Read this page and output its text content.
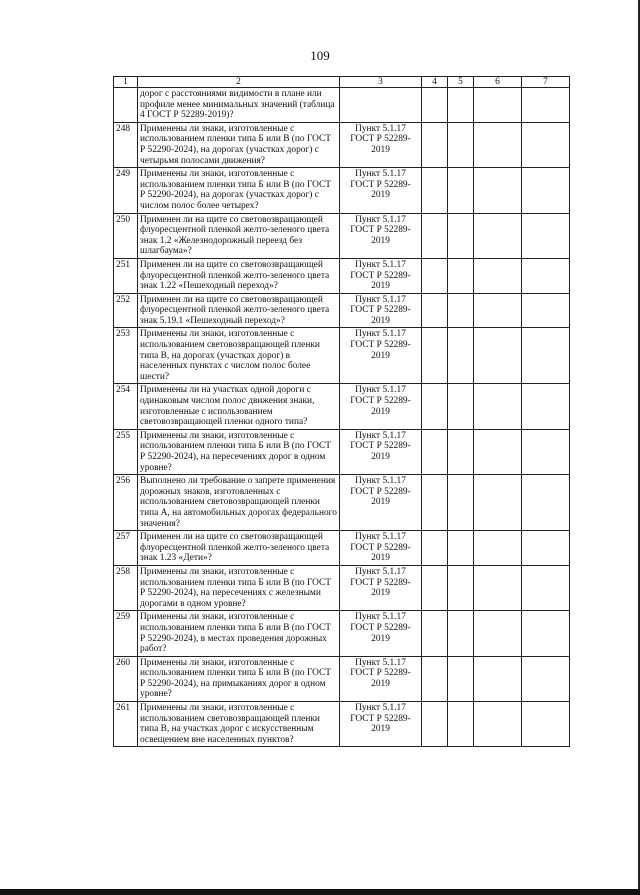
109
1	2	3	4	5	6	7
	дорог с расстояниями видимости в плане или профиле менее минимальных значений (таблица 4 ГОСТ Р 52289-2019)?					
248	Применены ли знаки, изготовленные с использованием пленки типа Б или В (по ГОСТ Р 52290-2024), на дорогах (участках дорог) с четырьмя полосами движения?	Пункт 5.1.17 ГОСТ Р 52289-2019				
249	Применены ли знаки, изготовленные с использованием пленки типа Б или В (по ГОСТ Р 52290-2024), на дорогах (участках дорог) с числом полос более четырех?	Пункт 5.1.17 ГОСТ Р 52289-2019				
250	Применен ли на щите со световозвращающей флуоресцентной пленкой желто-зеленого цвета знак 1.2 «Железнодорожный переезд без шлагбаума»?	Пункт 5.1.17 ГОСТ Р 52289-2019				
251	Применен ли на щите со световозвращающей флуоресцентной пленкой желто-зеленого цвета знак 1.22 «Пешеходный переход»?	Пункт 5.1.17 ГОСТ Р 52289-2019				
252	Применен ли на щите со световозвращающей флуоресцентной пленкой желто-зеленого цвета знак 5.19.1 «Пешеходный переход»?	Пункт 5.1.17 ГОСТ Р 52289-2019				
253	Применены ли знаки, изготовленные с использованием световозвращающей пленки типа В, на дорогах (участках дорог) в населенных пунктах с числом полос более шести?	Пункт 5.1.17 ГОСТ Р 52289-2019				
254	Применены ли на участках одной дороги с одинаковым числом полос движения знаки, изготовленные с использованием световозвращающей пленки одного типа?	Пункт 5.1.17 ГОСТ Р 52289-2019				
255	Применены ли знаки, изготовленные с использованием пленки типа Б или В (по ГОСТ Р 52290-2024), на пересечениях дорог в одном уровне?	Пункт 5.1.17 ГОСТ Р 52289-2019				
256	Выполнено ли требование о запрете применения дорожных знаков, изготовленных с использованием световозвращающей пленки типа А, на автомобильных дорогах федерального значения?	Пункт 5.1.17 ГОСТ Р 52289-2019				
257	Применен ли на щите со световозвращающей флуоресцентной пленкой желто-зеленого цвета знак 1.23 «Дети»?	Пункт 5.1.17 ГОСТ Р 52289-2019				
258	Применены ли знаки, изготовленные с использованием пленки типа Б или В (по ГОСТ Р 52290-2024), на пересечениях с железными дорогами в одном уровне?	Пункт 5.1.17 ГОСТ Р 52289-2019				
259	Применены ли знаки, изготовленные с использованием пленки типа Б или В (по ГОСТ Р 52290-2024), в местах проведения дорожных работ?	Пункт 5.1.17 ГОСТ Р 52289-2019				
260	Применены ли знаки, изготовленные с использованием пленки типа Б или В (по ГОСТ Р 52290-2024), на примыканиях дорог в одном уровне?	Пункт 5.1.17 ГОСТ Р 52289-2019				
261	Применены ли знаки, изготовленные с использованием световозвращающей пленки типа В, на участках дорог с искусственным освещением вне населенных пунктов?	Пункт 5.1.17 ГОСТ Р 52289-2019				
